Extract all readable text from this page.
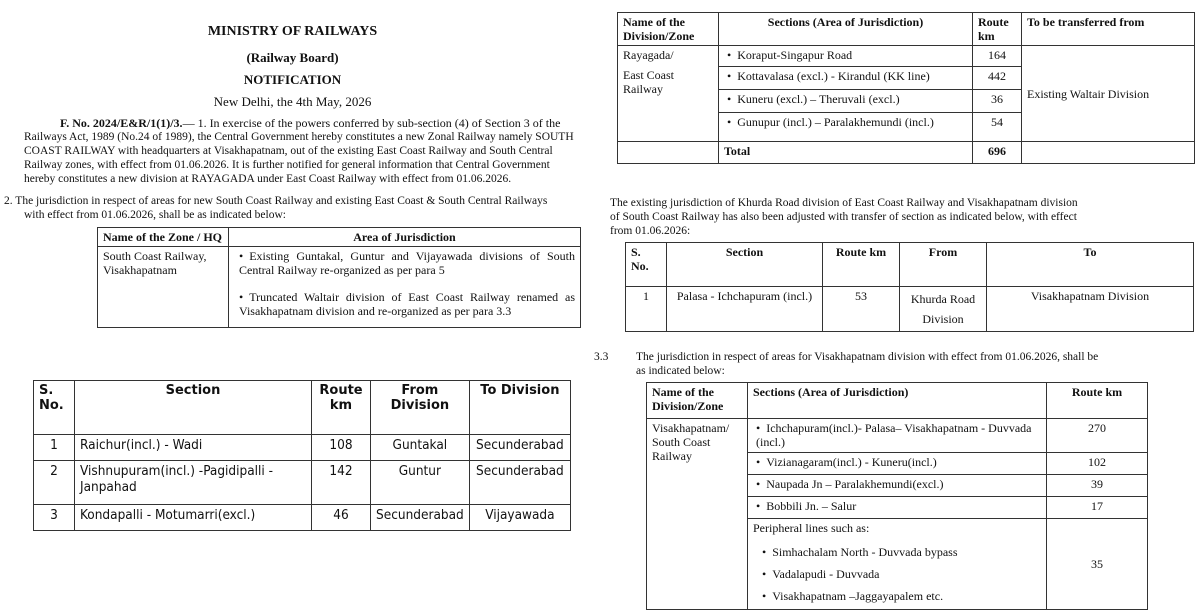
MINISTRY OF RAILWAYS
(Railway Board)
NOTIFICATION
New Delhi, the 4th May, 2026
F. No. 2024/E&R/1(1)/3.— 1. In exercise of the powers conferred by sub-section (4) of Section 3 of the
Railways Act, 1989 (No.24 of 1989), the Central Government hereby constitutes a new Zonal Railway namely SOUTH
COAST RAILWAY with headquarters at Visakhapatnam, out of the existing East Coast Railway and South Central
Railway zones, with effect from 01.06.2026. It is further notified for general information that Central Government
hereby constitutes a new division at RAYAGADA under East Coast Railway with effect from 01.06.2026.
2. The jurisdiction in respect of areas for new South Coast Railway and existing East Coast & South Central Railways
with effect from 01.06.2026, shall be as indicated below:
Name of the Zone / HQ	Area of Jurisdiction
South Coast Railway, Visakhapatnam	• Existing Guntakal, Guntur and Vijayawada divisions of South Central Railway re-organized as per para 5
• Truncated Waltair division of East Coast Railway renamed as Visakhapatnam division and re-organized as per para 3.3
S. No.	Section	Route km	From Division	To Division
1	Raichur(incl.) - Wadi	108	Guntakal	Secunderabad
2	Vishnupuram(incl.) -Pagidipalli - Janpahad	142	Guntur	Secunderabad
3	Kondapalli - Motumarri(excl.)	46	Secunderabad	Vijayawada
Name of the Division/Zone	Sections (Area of Jurisdiction)	Route km	To be transferred from

Rayagada/
East Coast Railway
	• Koraput-Singapur Road	164	Existing Waltair Division
• Kottavalasa (excl.) - Kirandul (KK line)	442	
• Kuneru (excl.) – Theruvali (excl.)	36	
• Gunupur (incl.) – Paralakhemundi (incl.)	54	
	Total	696	
The existing jurisdiction of Khurda Road division of East Coast Railway and Visakhapatnam division
of South Coast Railway has also been adjusted with transfer of section as indicated below, with effect
from 01.06.2026:
S. No.	Section	Route km	From	To
1	Palasa - Ichchapuram (incl.)	53	Khurda Road Division	Visakhapatnam Division
3.3	The jurisdiction in respect of areas for Visakhapatnam division with effect from 01.06.2026, shall be
as indicated below:
Name of the Division/Zone	Sections (Area of Jurisdiction)	Route km
Visakhapatnam/ South Coast Railway	• Ichchapuram(incl.)- Palasa– Visakhapatnam - Duvvada (incl.)	270
• Vizianagaram(incl.) - Kuneru(incl.)	102
• Naupada Jn – Paralakhemundi(excl.)	39
• Bobbili Jn. – Salur	17
	Peripheral lines such as:	35

• Simhachalam North - Duvvada bypass
• Vadalapudi - Duvvada
• Visakhapatnam –Jaggayapalem etc.
